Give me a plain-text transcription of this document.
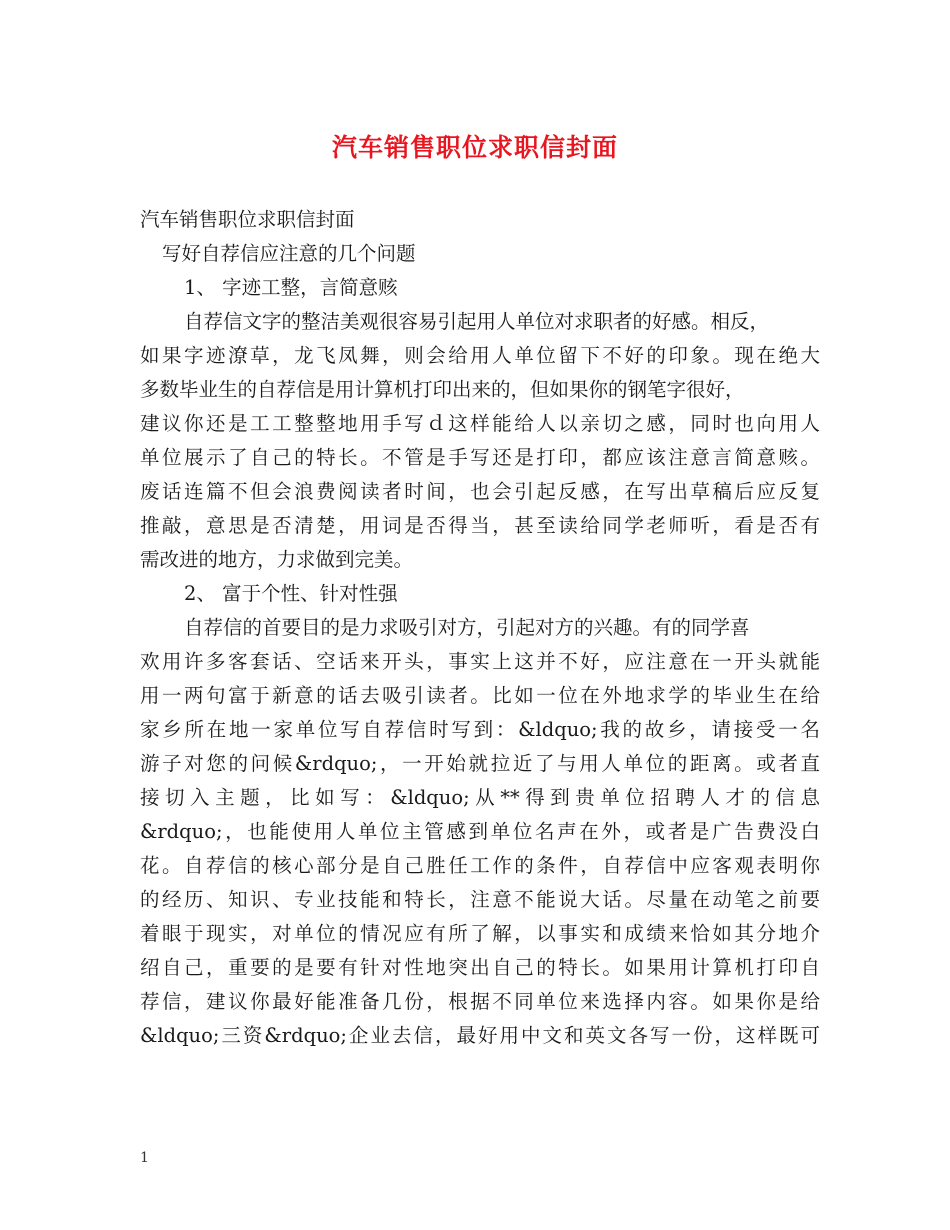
汽车销售职位求职信封面
汽车销售职位求职信封面
写好自荐信应注意的几个问题
1、 字迹工整，言简意赅
自荐信文字的整洁美观很容易引起用人单位对求职者的好感。相反，
如果字迹潦草，龙飞凤舞，则会给用人单位留下不好的印象。现在绝大
多数毕业生的自荐信是用计算机打印出来的，但如果你的钢笔字很好，
建议你还是工工整整地用手写ｄ这样能给人以亲切之感，同时也向用人
单位展示了自己的特长。不管是手写还是打印，都应该注意言简意赅。
废话连篇不但会浪费阅读者时间，也会引起反感，在写出草稿后应反复
推敲，意思是否清楚，用词是否得当，甚至读给同学老师听，看是否有
需改进的地方，力求做到完美。
2、 富于个性、针对性强
自荐信的首要目的是力求吸引对方，引起对方的兴趣。有的同学喜
欢用许多客套话、空话来开头，事实上这并不好，应注意在一开头就能
用一两句富于新意的话去吸引读者。比如一位在外地求学的毕业生在给
家乡所在地一家单位写自荐信时写到：&ldquo;我的故乡，请接受一名
游子对您的问候&rdquo;，一开始就拉近了与用人单位的距离。或者直
接切入主题，比如写：&ldquo;从**得到贵单位招聘人才的信息
&rdquo;，也能使用人单位主管感到单位名声在外，或者是广告费没白
花。自荐信的核心部分是自己胜任工作的条件，自荐信中应客观表明你
的经历、知识、专业技能和特长，注意不能说大话。尽量在动笔之前要
着眼于现实，对单位的情况应有所了解，以事实和成绩来恰如其分地介
绍自己，重要的是要有针对性地突出自己的特长。如果用计算机打印自
荐信，建议你最好能准备几份，根据不同单位来选择内容。如果你是给
&ldquo;三资&rdquo;企业去信，最好用中文和英文各写一份，这样既可
1
